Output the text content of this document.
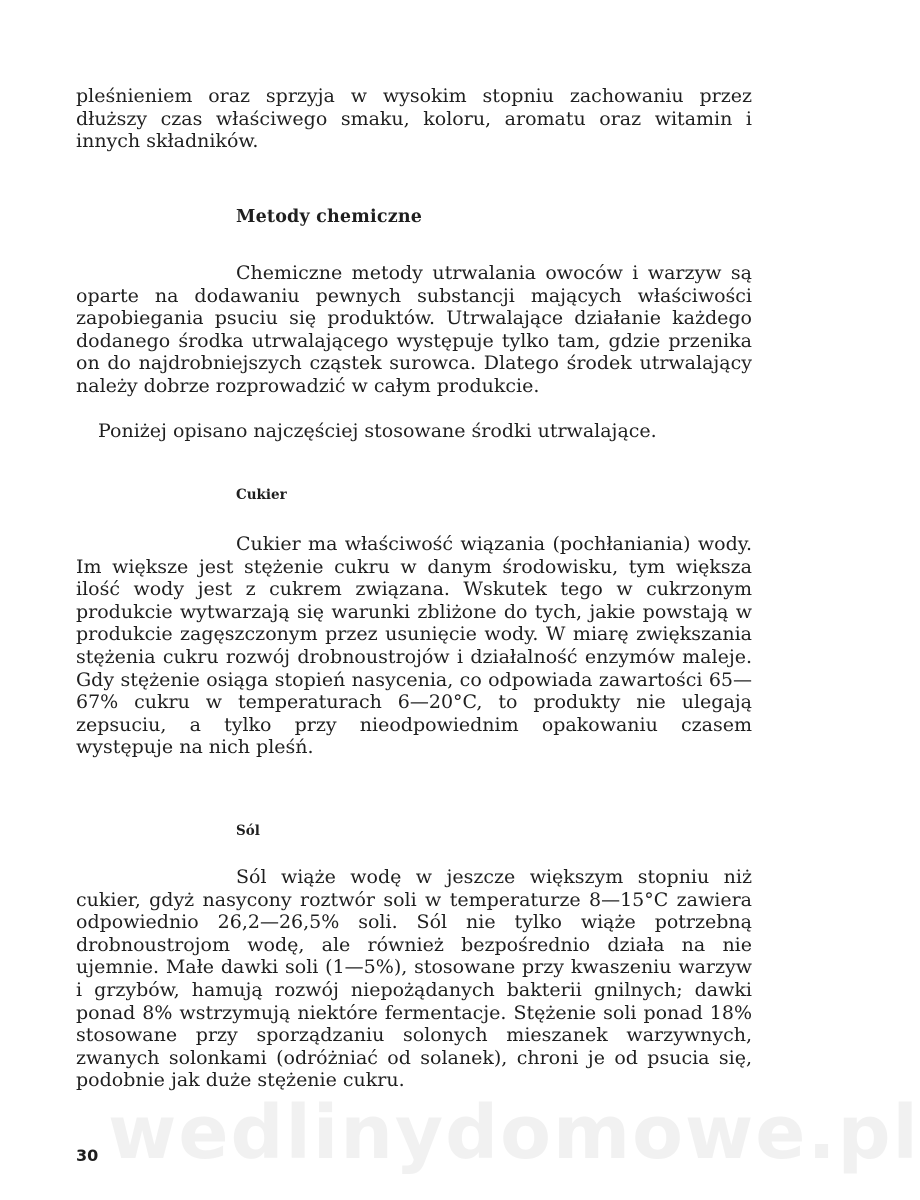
wedlinydomowe.pl

pleśnieniem oraz sprzyja w wysokim stopniu zachowaniu przez dłuższy czas właściwego smaku, koloru, aromatu oraz witamin i innych składników.

Metody chemiczne

Chemiczne metody utrwalania owoców i warzyw są oparte na dodawaniu pewnych substancji mających właściwości zapobiegania psuciu się produktów. Utrwalające działanie każdego dodanego środka utrwalającego występuje tylko tam, gdzie przenika on do najdrobniejszych cząstek surowca. Dlatego środek utrwalający należy dobrze rozprowadzić w całym produkcie.

Poniżej opisano najczęściej stosowane środki utrwalające.

Cukier

Cukier ma właściwość wiązania (pochłaniania) wody. Im większe jest stężenie cukru w danym środowisku, tym większa ilość wody jest z cukrem związana. Wskutek tego w cukrzonym produkcie wytwarzają się warunki zbliżone do tych, jakie powstają w produkcie zagęszczonym przez usunięcie wody. W miarę zwiększania stężenia cukru rozwój drobnoustrojów i działalność enzymów maleje. Gdy stężenie osiąga stopień nasycenia, co odpowiada zawartości 65—67% cukru w temperaturach 6—20°C, to produkty nie ulegają zepsuciu, a tylko przy nieodpowiednim opakowaniu czasem występuje na nich pleśń.

Sól

Sól wiąże wodę w jeszcze większym stopniu niż cukier, gdyż nasycony roztwór soli w temperaturze 8—15°C zawiera odpowiednio 26,2—26,5% soli. Sól nie tylko wiąże potrzebną drobnoustrojom wodę, ale również bezpośrednio działa na nie ujemnie. Małe dawki soli (1—5%), stosowane przy kwaszeniu warzyw i grzybów, hamują rozwój niepożądanych bakterii gnilnych; dawki ponad 8% wstrzymują niektóre fermentacje. Stężenie soli ponad 18% stosowane przy sporządzaniu solonych mieszanek warzywnych, zwanych solonkami (odróżniać od solanek), chroni je od psucia się, podobnie jak duże stężenie cukru.

30
